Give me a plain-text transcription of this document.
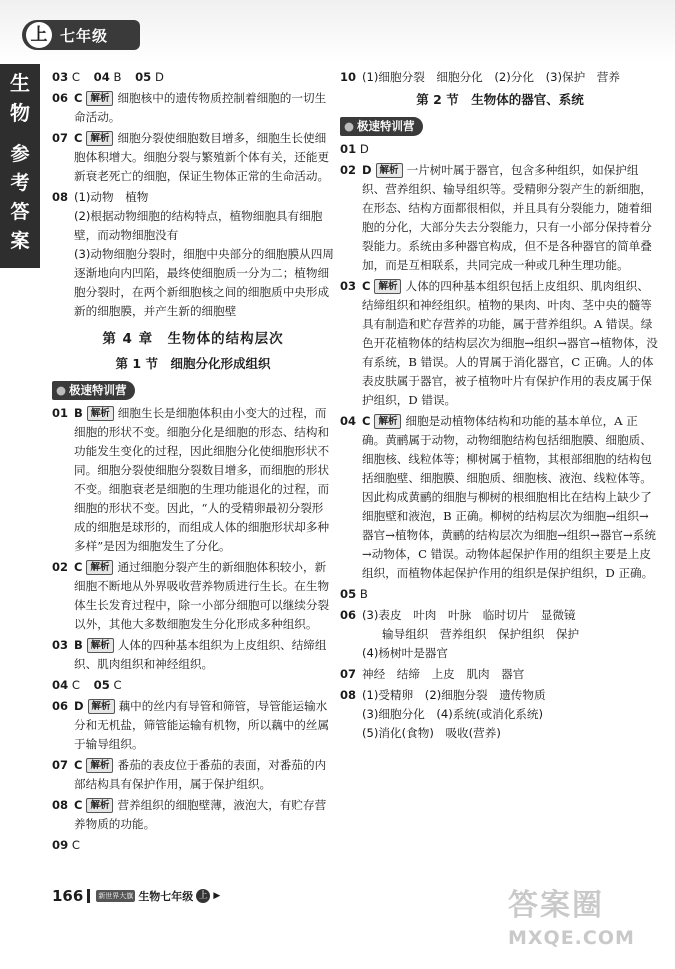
上 七年级
生
物
参
考
答
案
03 C 04 B 05 D
06 C 解析 细胞核中的遗传物质控制着细胞的一切生命活动。
07 C 解析 细胞分裂使细胞数目增多，细胞生长使细胞体积增大。细胞分裂与繁殖新个体有关，还能更新衰老死亡的细胞，保证生物体正常的生命活动。
08 (1)动物　植物
(2)根据动物细胞的结构特点，植物细胞具有细胞壁，而动物细胞没有
(3)动物细胞分裂时，细胞中央部分的细胞膜从四周逐渐地向内凹陷，最终使细胞质一分为二；植物细胞分裂时，在两个新细胞核之间的细胞质中央形成新的细胞膜，并产生新的细胞壁
第 4 章　生物体的结构层次
第 1 节　细胞分化形成组织
● 极速特训营
01 B 解析 细胞生长是细胞体积由小变大的过程，而细胞的形状不变。细胞分化是细胞的形态、结构和功能发生变化的过程，因此细胞分化使细胞形状不同。细胞分裂使细胞分裂数目增多，而细胞的形状不变。细胞衰老是细胞的生理功能退化的过程，而细胞的形状不变。因此，“人的受精卵最初分裂形成的细胞是球形的，而组成人体的细胞形状却多种多样”是因为细胞发生了分化。
02 C 解析 通过细胞分裂产生的新细胞体积较小，新细胞不断地从外界吸收营养物质进行生长。在生物体生长发育过程中，除一小部分细胞可以继续分裂以外，其他大多数细胞发生分化形成多种组织。
03 B 解析 人体的四种基本组织为上皮组织、结缔组织、肌肉组织和神经组织。
04 C 05 C
06 D 解析 藕中的丝内有导管和筛管，导管能运输水分和无机盐，筛管能运输有机物，所以藕中的丝属于输导组织。
07 C 解析 番茄的表皮位于番茄的表面，对番茄的内部结构具有保护作用，属于保护组织。
08 C 解析 营养组织的细胞壁薄，液泡大，有贮存营养物质的功能。
09 C
10 (1)细胞分裂　细胞分化　(2)分化　(3)保护　营养
第 2 节　生物体的器官、系统
● 极速特训营
01 D
02 D 解析 一片树叶属于器官，包含多种组织，如保护组织、营养组织、输导组织等。受精卵分裂产生的新细胞，在形态、结构方面都很相似，并且具有分裂能力，随着细胞的分化，大部分失去分裂能力，只有一小部分保持着分裂能力。系统由多种器官构成，但不是各种器官的简单叠加，而是互相联系，共同完成一种或几种生理功能。
03 C 解析 人体的四种基本组织包括上皮组织、肌肉组织、结缔组织和神经组织。植物的果肉、叶肉、茎中央的髓等具有制造和贮存营养的功能，属于营养组织。A 错误。绿色开花植物体的结构层次为细胞→组织→器官→植物体，没有系统，B 错误。人的胃属于消化器官，C 正确。人的体表皮肤属于器官，被子植物叶片有保护作用的表皮属于保护组织，D 错误。
04 C 解析 细胞是动植物体结构和功能的基本单位，A 正确。黄鹂属于动物，动物细胞结构包括细胞膜、细胞质、细胞核、线粒体等；柳树属于植物，其根部细胞的结构包括细胞壁、细胞膜、细胞质、细胞核、液泡、线粒体等。因此构成黄鹂的细胞与柳树的根细胞相比在结构上缺少了细胞壁和液泡，B 正确。柳树的结构层次为细胞→组织→器官→植物体，黄鹂的结构层次为细胞→组织→器官→系统→动物体，C 错误。动物体起保护作用的组织主要是上皮组织，而植物体起保护作用的组织是保护组织，D 正确。
05 B
06 (3)表皮　叶肉　叶脉　临时切片　显微镜
输导组织　营养组织　保护组织　保护
(4)杨树叶是器官
07 神经　结缔　上皮　肌肉　器官
08 (1)受精卵　(2)细胞分裂　遗传物质
(3)细胞分化　(4)系统(或消化系统)
(5)消化(食物)　吸收(营养)
166 新世界大旗 生物七年级 上 ▶	答案圈
MXQE.COM
